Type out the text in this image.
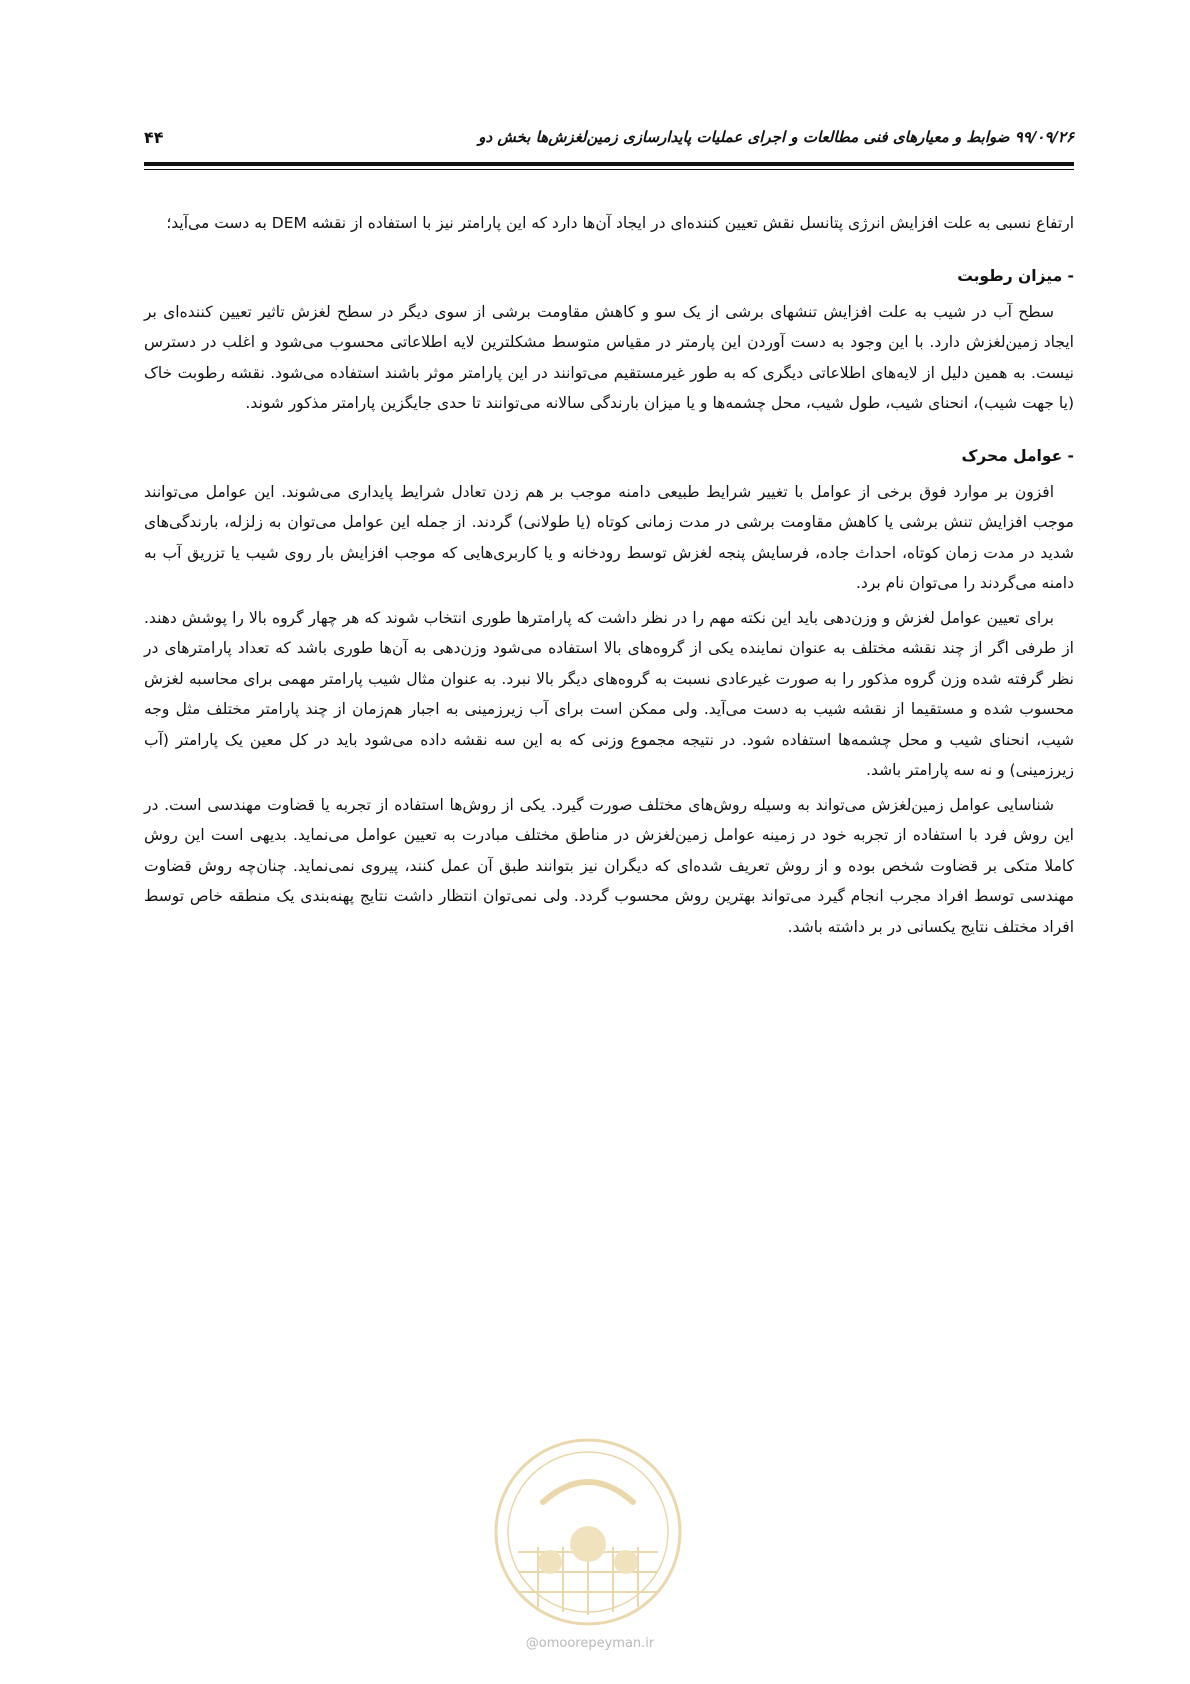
۹۹/۰۹/۲۶ ضوابط و معیارهای فنی مطالعات و اجرای عملیات پایدارسازی زمین‌لغزش‌ها بخش دو
۴۴

ارتفاع نسبی به علت افزایش انرژی پتانسل نقش تعیین کننده‌ای در ایجاد آن‌ها دارد که این پارامتر نیز با استفاده از نقشه DEM به دست می‌آید؛

- میزان رطوبت

سطح آب در شیب به علت افزایش تنشهای برشی از یک سو و کاهش مقاومت برشی از سوی دیگر در سطح لغزش تاثیر تعیین کننده‌ای بر ایجاد زمین‌لغزش دارد. با این وجود به دست آوردن این پارمتر در مقیاس متوسط مشکلترین لایه اطلاعاتی محسوب می‌شود و اغلب در دسترس نیست. به همین دلیل از لایه‌های اطلاعاتی دیگری که به طور غیرمستقیم می‌توانند در این پارامتر موثر باشند استفاده می‌شود. نقشه رطوبت خاک (یا جهت شیب)، انحنای شیب، طول شیب، محل چشمه‌ها و یا میزان بارندگی سالانه می‌توانند تا حدی جایگزین پارامتر مذکور شوند.

- عوامل محرک

افزون بر موارد فوق برخی از عوامل با تغییر شرایط طبیعی دامنه موجب بر هم زدن تعادل شرایط پایداری می‌شوند. این عوامل می‌توانند موجب افزایش تنش برشی یا کاهش مقاومت برشی در مدت زمانی کوتاه (یا طولانی) گردند. از جمله این عوامل می‌توان به زلزله، بارندگی‌های شدید در مدت زمان کوتاه، احداث جاده، فرسایش پنجه لغزش توسط رودخانه و یا کاربری‌هایی که موجب افزایش بار روی شیب یا تزریق آب به دامنه می‌گردند را می‌توان نام برد.

برای تعیین عوامل لغزش و وزن‌دهی باید این نکته مهم را در نظر داشت که پارامترها طوری انتخاب شوند که هر چهار گروه بالا را پوشش دهند. از طرفی اگر از چند نقشه مختلف به عنوان نماینده یکی از گروه‌های بالا استفاده می‌شود وزن‌دهی به آن‌ها طوری باشد که تعداد پارامترهای در نظر گرفته شده وزن گروه مذکور را به صورت غیرعادی نسبت به گروه‌های دیگر بالا نبرد. به عنوان مثال شیب پارامتر مهمی برای محاسبه لغزش محسوب شده و مستقیما از نقشه شیب به دست می‌آید. ولی ممکن است برای آب زیرزمینی به اجبار هم‌زمان از چند پارامتر مختلف مثل وجه شیب، انحنای شیب و محل چشمه‌ها استفاده شود. در نتیجه مجموع وزنی که به این سه نقشه داده می‌شود باید در کل معین یک پارامتر (آب زیرزمینی) و نه سه پارامتر باشد.

شناسایی عوامل زمین‌لغزش می‌تواند به وسیله روش‌های مختلف صورت گیرد. یکی از روش‌ها استفاده از تجربه یا قضاوت مهندسی است. در این روش فرد با استفاده از تجربه خود در زمینه عوامل زمین‌لغزش در مناطق مختلف مبادرت به تعیین عوامل می‌نماید. بدیهی است این روش کاملا متکی بر قضاوت شخص بوده و از روش تعریف شده‌ای که دیگران نیز بتوانند طبق آن عمل کنند، پیروی نمی‌نماید. چنان‌چه روش قضاوت مهندسی توسط افراد مجرب انجام گیرد می‌تواند بهترین روش محسوب گردد. ولی نمی‌توان انتظار داشت نتایج پهنه‌بندی یک منطقه خاص توسط افراد مختلف نتایج یکسانی در بر داشته باشد.

@omoorepeyman.ir
